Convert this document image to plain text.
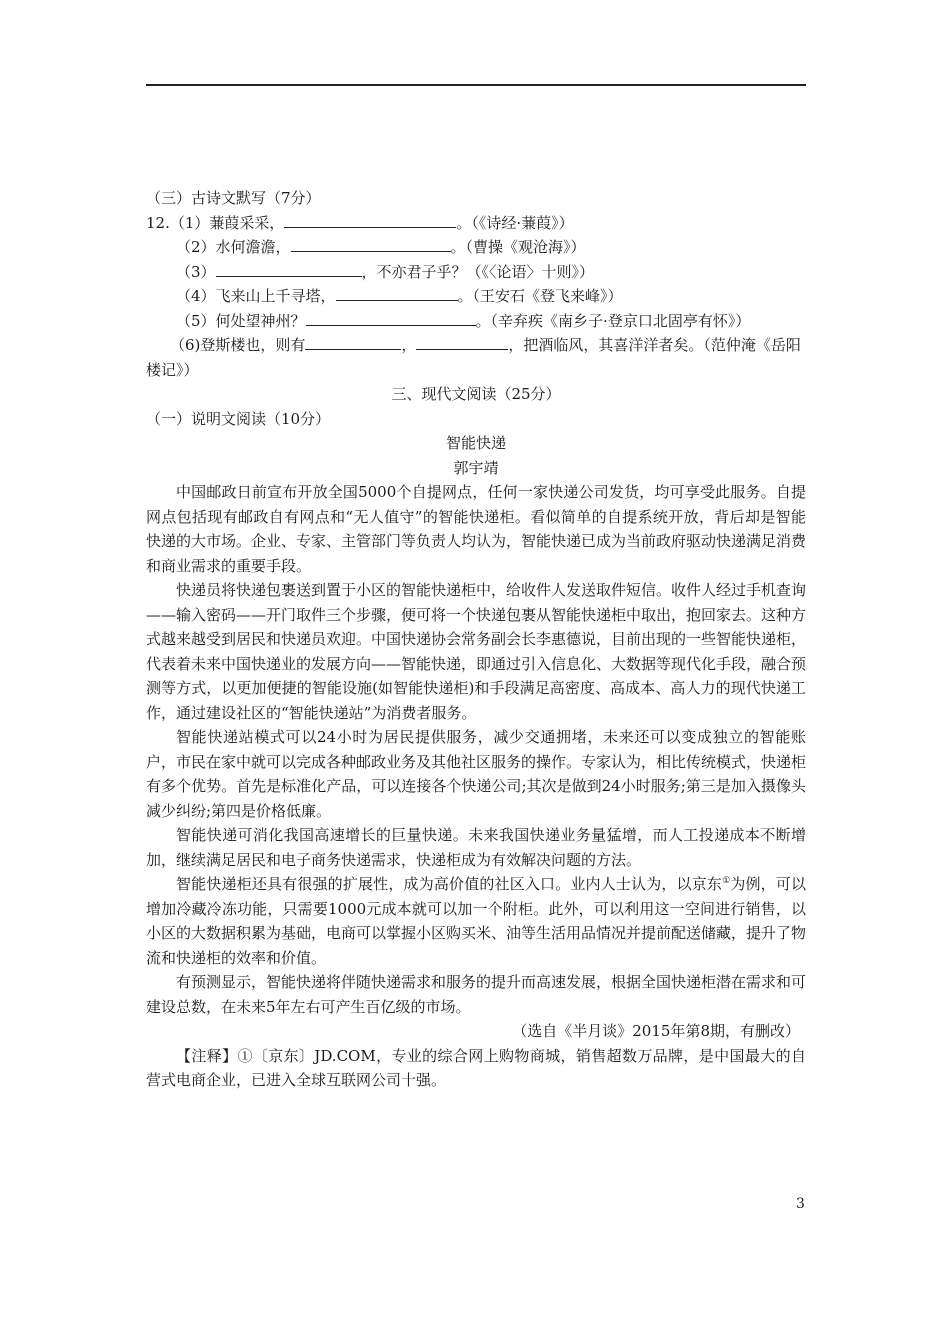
（三）古诗文默写（7分）
12.（1）蒹葭采采，	。（《诗经·蒹葭》）
（2）水何澹澹，	。（曹操《观沧海》）
（3）	，不亦君子乎？（《〈论语〉十则》）
（4）飞来山上千寻塔，	。（王安石《登飞来峰》）
（5）何处望神州？	。（辛弃疾《南乡子·登京口北固亭有怀》）
（6)登斯楼也，则有	，	，把酒临风，其喜洋洋者矣。（范仲淹《岳阳
楼记》）
三、现代文阅读（25分）
（一）说明文阅读（10分）
智能快递
郭宇靖

中国邮政日前宣布开放全国5000个自提网点，任何一家快递公司发货，均可享受此服务。自提网点包括现有邮政自有网点和“无人值守”的智能快递柜。看似简单的自提系统开放，背后却是智能快递的大市场。企业、专家、主管部门等负责人均认为，智能快递已成为当前政府驱动快递满足消费和商业需求的重要手段。

快递员将快递包裹送到置于小区的智能快递柜中，给收件人发送取件短信。收件人经过手机查询——输入密码——开门取件三个步骤，便可将一个快递包裹从智能快递柜中取出，抱回家去。这种方式越来越受到居民和快递员欢迎。中国快递协会常务副会长李惠德说，目前出现的一些智能快递柜，代表着未来中国快递业的发展方向——智能快递，即通过引入信息化、大数据等现代化手段，融合预测等方式，以更加便捷的智能设施(如智能快递柜)和手段满足高密度、高成本、高人力的现代快递工作，通过建设社区的“智能快递站”为消费者服务。

智能快递站模式可以24小时为居民提供服务，减少交通拥堵，未来还可以变成独立的智能账户，市民在家中就可以完成各种邮政业务及其他社区服务的操作。专家认为，相比传统模式，快递柜有多个优势。首先是标准化产品，可以连接各个快递公司;其次是做到24小时服务;第三是加入摄像头减少纠纷;第四是价格低廉。

智能快递可消化我国高速增长的巨量快递。未来我国快递业务量猛增，而人工投递成本不断增加，继续满足居民和电子商务快递需求，快递柜成为有效解决问题的方法。

智能快递柜还具有很强的扩展性，成为高价值的社区入口。业内人士认为，以京东①为例，可以增加冷藏冷冻功能，只需要1000元成本就可以加一个附柜。此外，可以利用这一空间进行销售，以小区的大数据积累为基础，电商可以掌握小区购买米、油等生活用品情况并提前配送储藏，提升了物流和快递柜的效率和价值。

有预测显示，智能快递将伴随快递需求和服务的提升而高速发展，根据全国快递柜潜在需求和可建设总数，在未来5年左右可产生百亿级的市场。

（选自《半月谈》2015年第8期，有删改）

【注释】①〔京东〕JD.COM，专业的综合网上购物商城，销售超数万品牌，是中国最大的自营式电商企业，已进入全球互联网公司十强。

3
